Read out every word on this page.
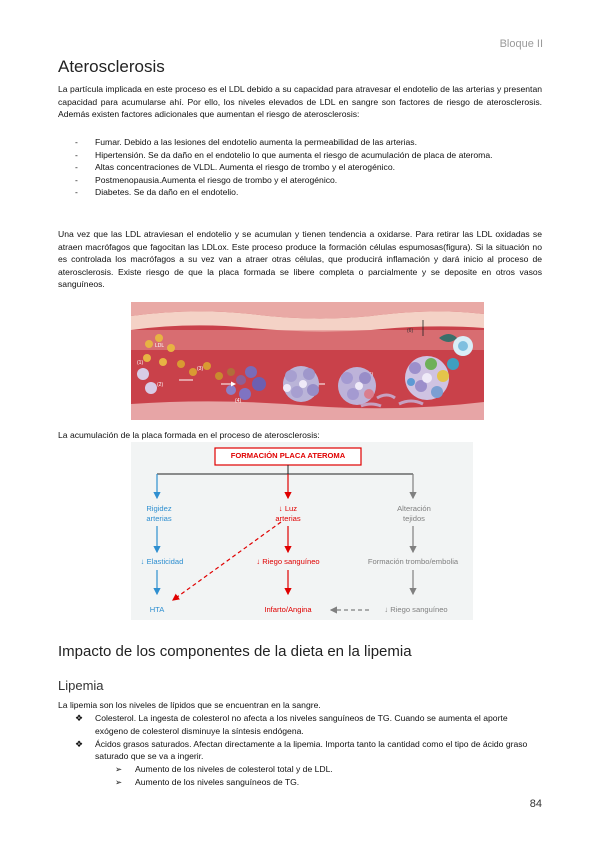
Bloque II
Aterosclerosis

La partícula implicada en este proceso es el LDL debido a su capacidad para atravesar el endotelio de las arterias y presentan capacidad para acumularse ahí. Por ello, los niveles elevados de LDL en sangre son factores de riesgo de aterosclerosis. Además existen factores adicionales que aumentan el riesgo de aterosclerosis:

- Fumar. Debido a las lesiones del endotelio aumenta la permeabilidad de las arterias.
- Hipertensión. Se da daño en el endotelio lo que aumenta el riesgo de acumulación de placa de ateroma.
- Altas concentraciones de VLDL. Aumenta el riesgo de trombo y el aterogénico.
- Postmenopausia.Aumenta el riesgo de trombo y el aterogénico.
- Diabetes. Se da daño en el endotelio.

Una vez que las LDL atraviesan el endotelio y se acumulan y tienen tendencia a oxidarse. Para retirar las LDL oxidadas se atraen macrófagos que fagocitan las LDLox. Este proceso produce la formación células espumosas(figura). Si la situación no es controlada los macrófagos a su vez van a atraer otras células, que producirá inflamación y dará inicio al proceso de aterosclerosis. Existe riesgo de que la placa formada se libere completa o parcialmente y se deposite en otros vasos sanguíneos.

LDL
(1)
(2)
(3)
(4)
(6)
La acumulación de la placa formada en el proceso de aterosclerosis:
FORMACIÓN PLACA ATEROMA
Rigidez
arterias
↓ Luz
arterias
Alteración
tejidos
↓ Elasticidad	↓ Riego sanguíneo	Formación trombo/embolia
HTA	Infarto/Angina	↓ Riego sanguíneo
Impacto de los componentes de la dieta en la lipemia
Lipemia
La lipemia son los niveles de lípidos que se encuentran en la sangre.
❖ Colesterol. La ingesta de colesterol no afecta a los niveles sanguíneos de TG. Cuando se aumenta el aporte exógeno de colesterol disminuye la síntesis endógena.
❖ Ácidos grasos saturados. Afectan directamente a la lipemia. Importa tanto la cantidad como el tipo de ácido graso saturado que se va a ingerir.
➢ Aumento de los niveles de colesterol total y de LDL.
➢ Aumento de los niveles sanguíneos de TG.
84
